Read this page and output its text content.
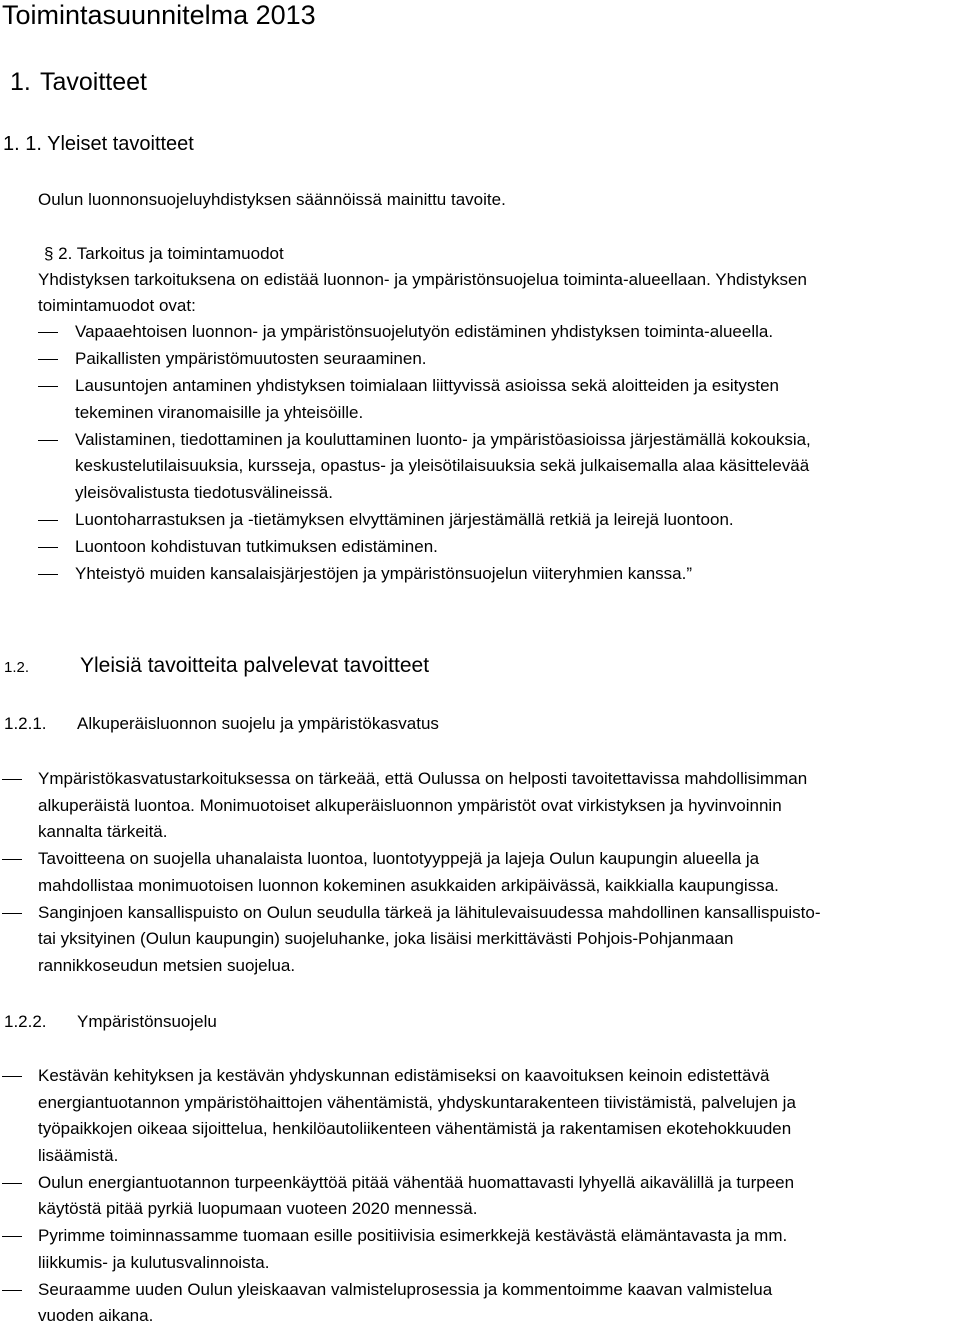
Toimintasuunnitelma 2013
1. Tavoitteet
1. 1. Yleiset tavoitteet
Oulun luonnonsuojeluyhdistyksen säännöissä mainittu tavoite.
§ 2. Tarkoitus ja toimintamuodot
Yhdistyksen tarkoituksena on edistää luonnon- ja ympäristönsuojelua toiminta-alueellaan. Yhdistyksen
toimintamuodot ovat:
Vapaaehtoisen luonnon- ja ympäristönsuojelutyön edistäminen yhdistyksen toiminta-alueella.
Paikallisten ympäristömuutosten seuraaminen.
Lausuntojen antaminen yhdistyksen toimialaan liittyvissä asioissa sekä aloitteiden ja esitysten
tekeminen viranomaisille ja yhteisöille.
Valistaminen, tiedottaminen ja kouluttaminen luonto- ja ympäristöasioissa järjestämällä kokouksia,
keskustelutilaisuuksia, kursseja, opastus- ja yleisötilaisuuksia sekä julkaisemalla alaa käsittelevää
yleisövalistusta tiedotusvälineissä.
Luontoharrastuksen ja -tietämyksen elvyttäminen järjestämällä retkiä ja leirejä luontoon.
Luontoon kohdistuvan tutkimuksen edistäminen.
Yhteistyö muiden kansalaisjärjestöjen ja ympäristönsuojelun viiteryhmien kanssa.”
1.2. Yleisiä tavoitteita palvelevat tavoitteet
1.2.1. Alkuperäisluonnon suojelu ja ympäristökasvatus
Ympäristökasvatustarkoituksessa on tärkeää, että Oulussa on helposti tavoitettavissa mahdollisimman
alkuperäistä luontoa. Monimuotoiset alkuperäisluonnon ympäristöt ovat virkistyksen ja hyvinvoinnin
kannalta tärkeitä.
Tavoitteena on suojella uhanalaista luontoa, luontotyyppejä ja lajeja Oulun kaupungin alueella ja
mahdollistaa monimuotoisen luonnon kokeminen asukkaiden arkipäivässä, kaikkialla kaupungissa.
Sanginjoen kansallispuisto on Oulun seudulla tärkeä ja lähitulevaisuudessa mahdollinen kansallispuisto-
tai yksityinen (Oulun kaupungin) suojeluhanke, joka lisäisi merkittävästi Pohjois-Pohjanmaan
rannikkoseudun metsien suojelua.
1.2.2. Ympäristönsuojelu
Kestävän kehityksen ja kestävän yhdyskunnan edistämiseksi on kaavoituksen keinoin edistettävä
energiantuotannon ympäristöhaittojen vähentämistä, yhdyskuntarakenteen tiivistämistä, palvelujen ja
työpaikkojen oikeaa sijoittelua, henkilöautoliikenteen vähentämistä ja rakentamisen ekotehokkuuden
lisäämistä.
Oulun energiantuotannon turpeenkäyttöä pitää vähentää huomattavasti lyhyellä aikavälillä ja turpeen
käytöstä pitää pyrkiä luopumaan vuoteen 2020 mennessä.
Pyrimme toiminnassamme tuomaan esille positiivisia esimerkkejä kestävästä elämäntavasta ja mm.
liikkumis- ja kulutusvalinnoista.
Seuraamme uuden Oulun yleiskaavan valmisteluprosessia ja kommentoimme kaavan valmistelua
vuoden aikana.
